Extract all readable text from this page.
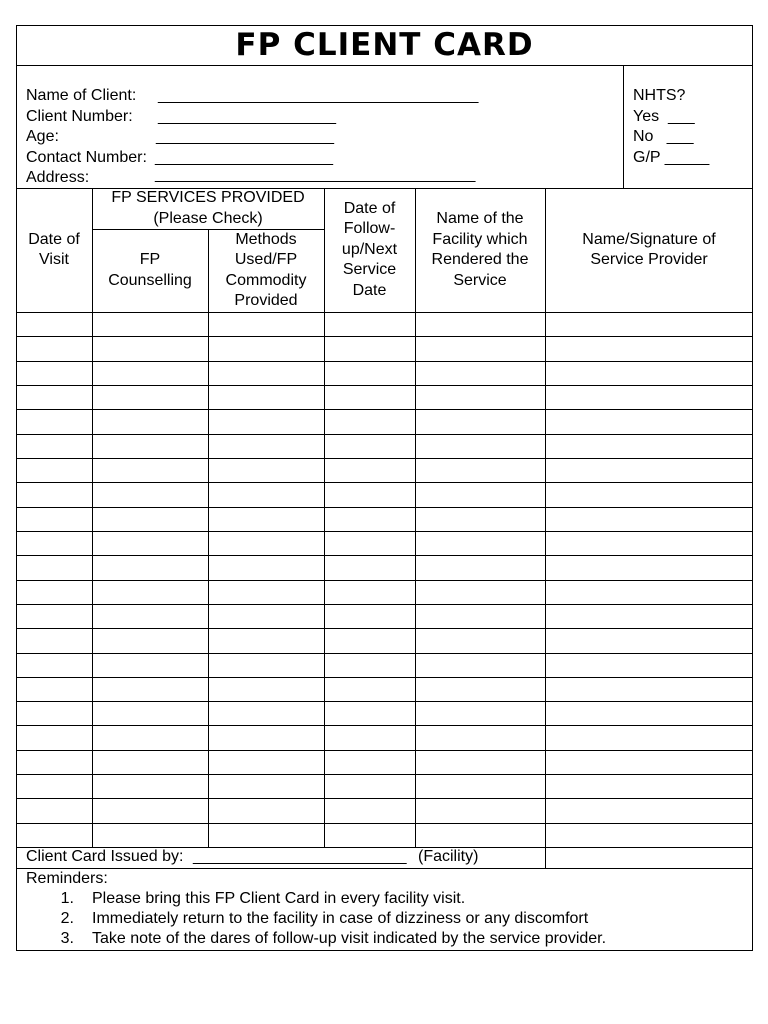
FP CLIENT CARD
Name of Client: ____________________________________
Client Number: ____________________
Age:	____________________
Contact Number: ____________________
Address:	____________________________________
NHTS?
Yes  ___
No   ___
G/P _____
Date of Visit
FP SERVICES PROVIDED (Please Check)
FP Counselling
Methods Used/FP Commodity Provided
Date of Follow-up/Next Service Date
Name of the Facility which Rendered the Service
Name/Signature of Service Provider
Client Card Issued by: ________________________ (Facility)
Reminders:
1. Please bring this FP Client Card in every facility visit.
2. Immediately return to the facility in case of dizziness or any discomfort
3. Take note of the dares of follow-up visit indicated by the service provider.
